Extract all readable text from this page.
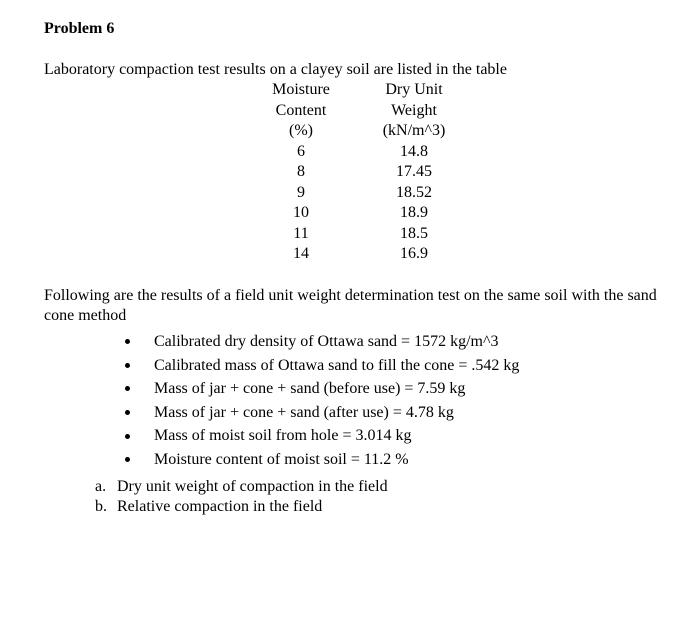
Problem 6
Laboratory compaction test results on a clayey soil are listed in the table
Moisture
Content
(%)
6
8
9
10
11
14
Dry Unit
Weight
(kN/m^3)
14.8
17.45
18.52
18.9
18.5
16.9
Following are the results of a field unit weight determination test on the same soil with the sand cone method
Calibrated dry density of Ottawa sand = 1572 kg/m^3
Calibrated mass of Ottawa sand to fill the cone = .542 kg
Mass of jar + cone + sand (before use) = 7.59 kg
Mass of jar + cone + sand (after use) = 4.78 kg
Mass of moist soil from hole = 3.014 kg
Moisture content of moist soil = 11.2 %
a. Dry unit weight of compaction in the field
b. Relative compaction in the field
